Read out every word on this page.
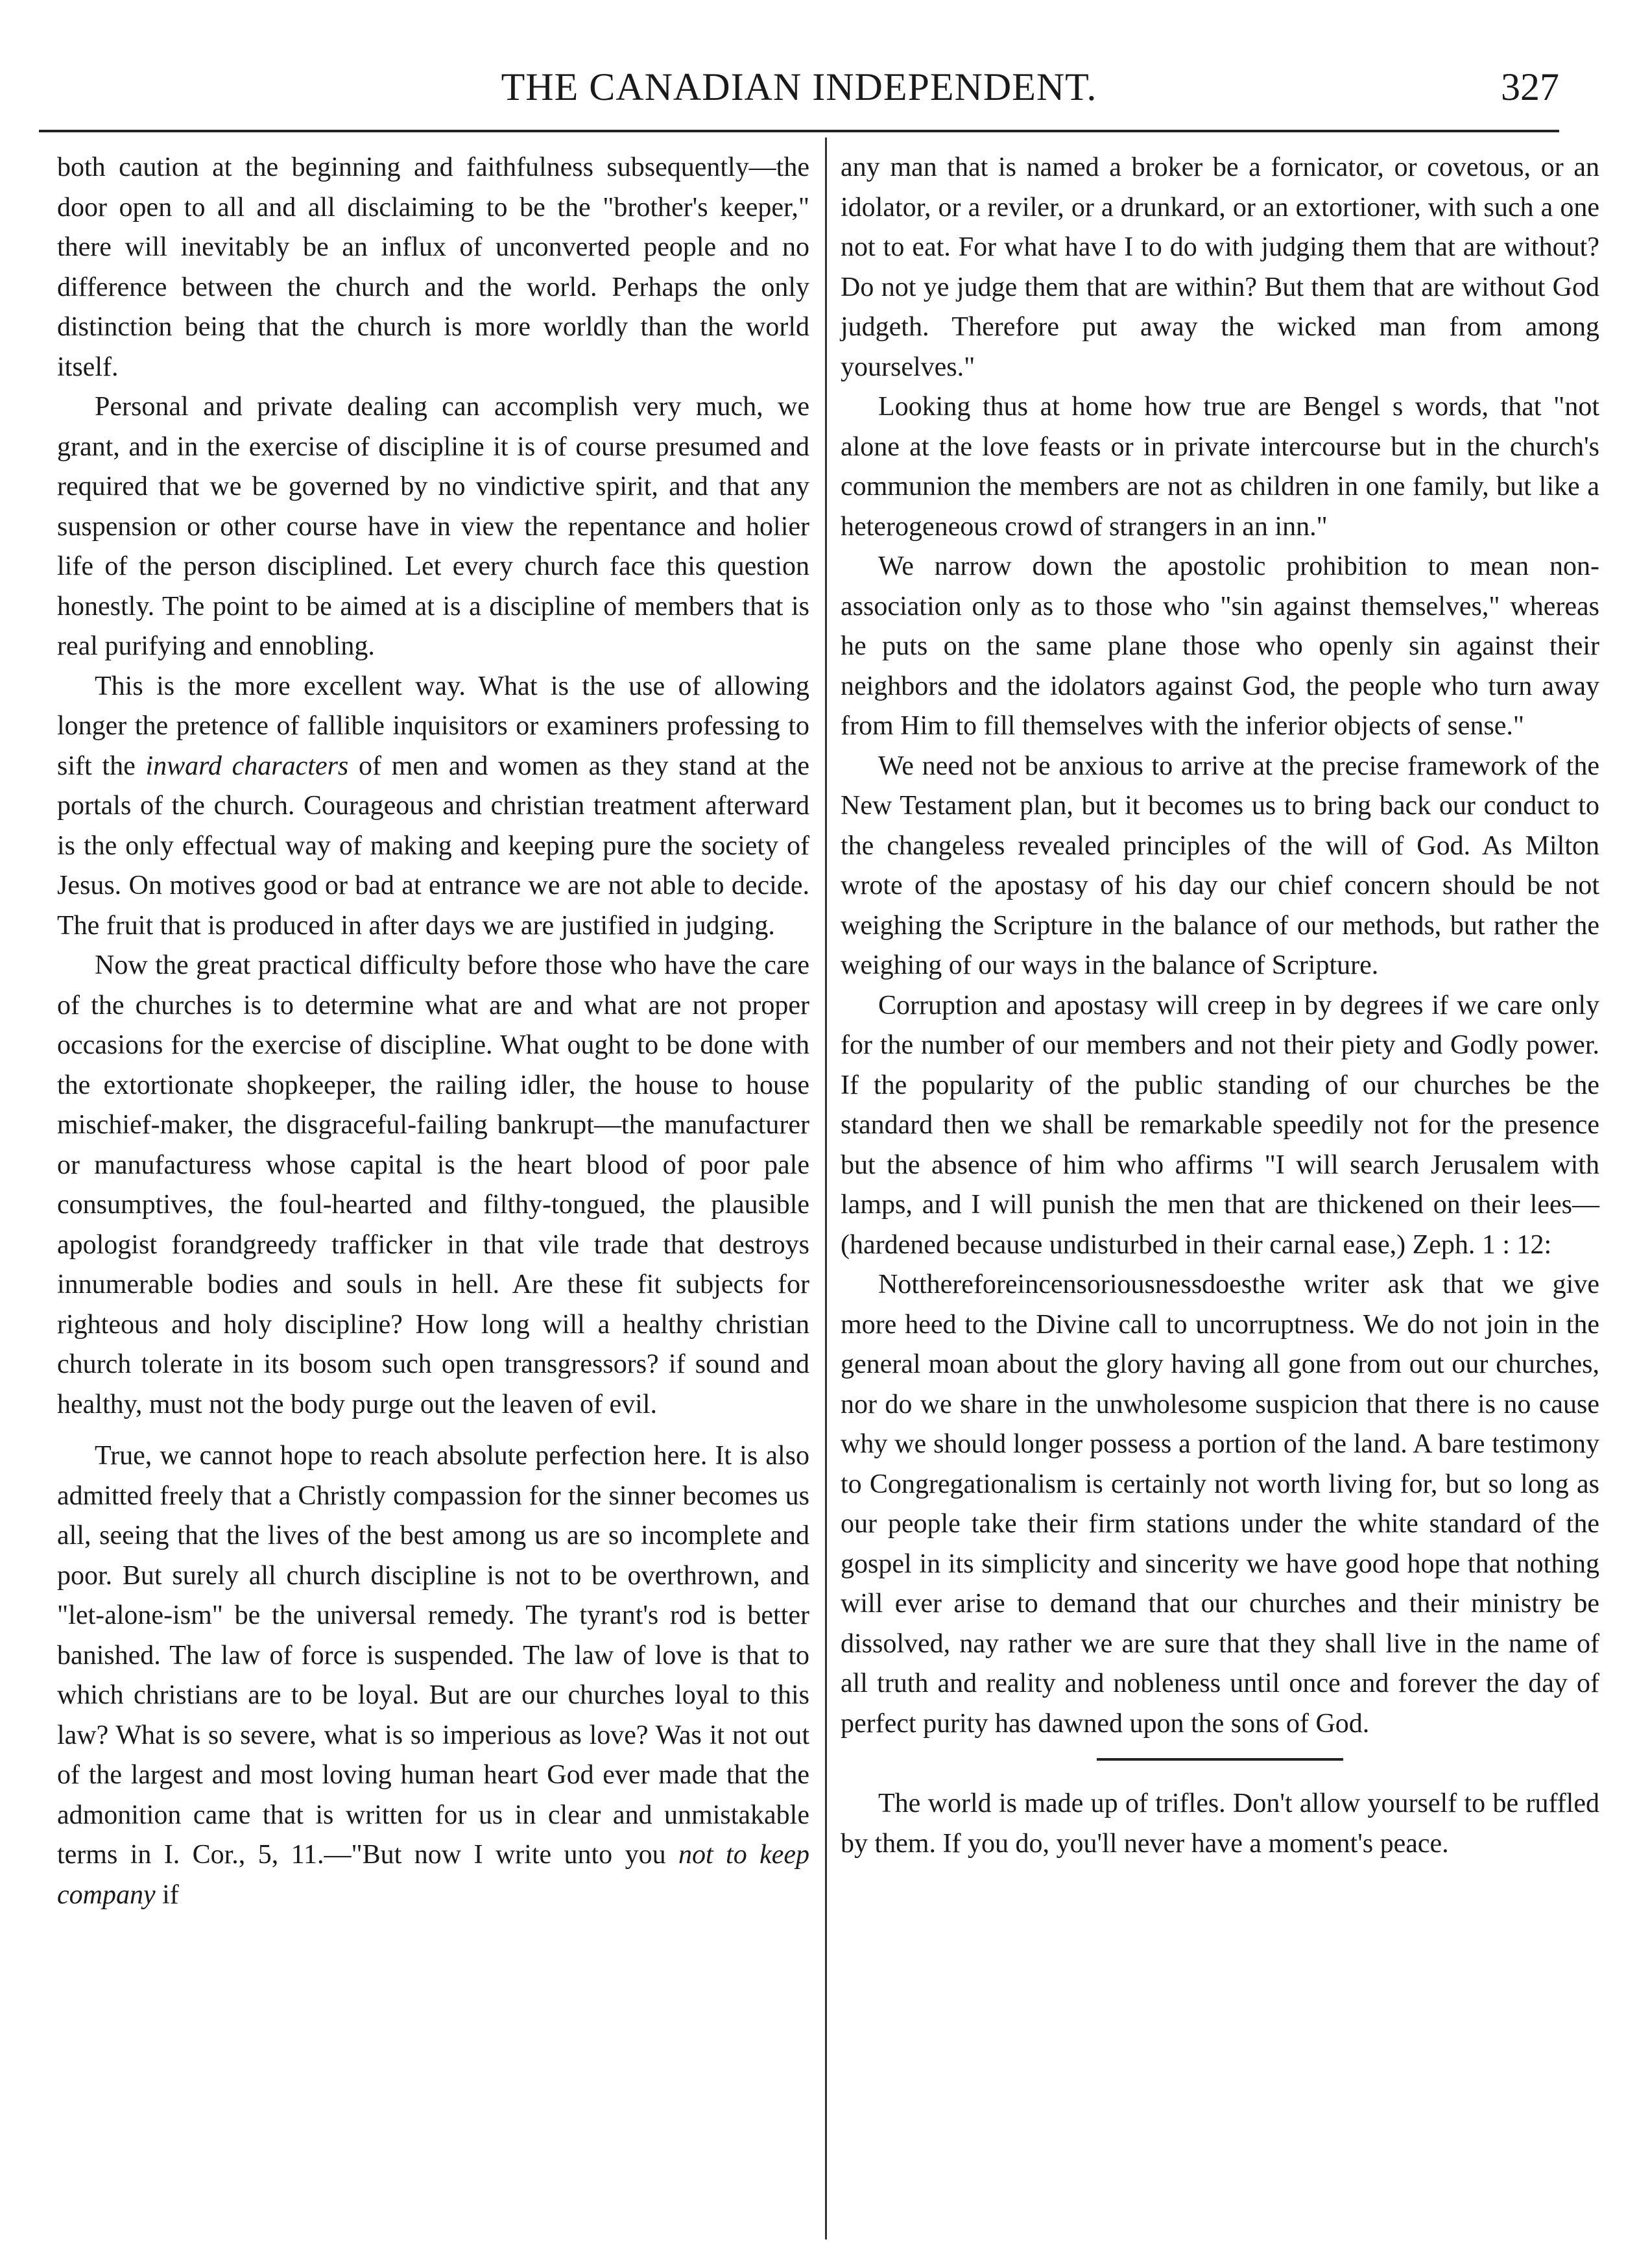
THE CANADIAN INDEPENDENT.	327

both caution at the beginning and faithfulness subsequently—the door open to all and all disclaiming to be the "brother's keeper," there will inevitably be an influx of unconverted people and no difference between the church and the world. Perhaps the only distinction being that the church is more worldly than the world itself.

Personal and private dealing can accomplish very much, we grant, and in the exercise of discipline it is of course presumed and required that we be governed by no vindictive spirit, and that any suspension or other course have in view the repentance and holier life of the person disciplined. Let every church face this question honestly. The point to be aimed at is a discipline of members that is real purifying and ennobling.

This is the more excellent way. What is the use of allowing longer the pretence of fallible inquisitors or examiners professing to sift the inward characters of men and women as they stand at the portals of the church. Courageous and christian treatment afterward is the only effectual way of making and keeping pure the society of Jesus. On motives good or bad at entrance we are not able to decide. The fruit that is produced in after days we are justified in judging.

Now the great practical difficulty before those who have the care of the churches is to determine what are and what are not proper occasions for the exercise of discipline. What ought to be done with the extortionate shopkeeper, the railing idler, the house to house mischief-maker, the disgraceful-failing bankrupt—the manufacturer or manufacturess whose capital is the heart blood of poor pale consumptives, the foul-hearted and filthy-tongued, the plausible apologist forandgreedy trafficker in that vile trade that destroys innumerable bodies and souls in hell. Are these fit subjects for righteous and holy discipline? How long will a healthy christian church tolerate in its bosom such open transgressors? if sound and healthy, must not the body purge out the leaven of evil.

True, we cannot hope to reach absolute perfection here. It is also admitted freely that a Christly compassion for the sinner becomes us all, seeing that the lives of the best among us are so incomplete and poor. But surely all church discipline is not to be overthrown, and "let-alone-ism" be the universal remedy. The tyrant's rod is better banished. The law of force is suspended. The law of love is that to which christians are to be loyal. But are our churches loyal to this law? What is so severe, what is so imperious as love? Was it not out of the largest and most loving human heart God ever made that the admonition came that is written for us in clear and unmistakable terms in I. Cor., 5, 11.—"But now I write unto you not to keep company if

any man that is named a broker be a fornicator, or covetous, or an idolator, or a reviler, or a drunkard, or an extortioner, with such a one not to eat. For what have I to do with judging them that are without? Do not ye judge them that are within? But them that are without God judgeth. Therefore put away the wicked man from among yourselves."

Looking thus at home how true are Bengel s words, that "not alone at the love feasts or in private intercourse but in the church's communion the members are not as children in one family, but like a heterogeneous crowd of strangers in an inn."

We narrow down the apostolic prohibition to mean non-association only as to those who "sin against themselves," whereas he puts on the same plane those who openly sin against their neighbors and the idolators against God, the people who turn away from Him to fill themselves with the inferior objects of sense."

We need not be anxious to arrive at the precise framework of the New Testament plan, but it becomes us to bring back our conduct to the changeless revealed principles of the will of God. As Milton wrote of the apostasy of his day our chief concern should be not weighing the Scripture in the balance of our methods, but rather the weighing of our ways in the balance of Scripture.

Corruption and apostasy will creep in by degrees if we care only for the number of our members and not their piety and Godly power. If the popularity of the public standing of our churches be the standard then we shall be remarkable speedily not for the presence but the absence of him who affirms "I will search Jerusalem with lamps, and I will punish the men that are thickened on their lees—(hardened because undisturbed in their carnal ease,) Zeph. 1 : 12:

Notthereforeincensoriousnessdoesthe writer ask that we give more heed to the Divine call to uncorruptness. We do not join in the general moan about the glory having all gone from out our churches, nor do we share in the unwholesome suspicion that there is no cause why we should longer possess a portion of the land. A bare testimony to Congregationalism is certainly not worth living for, but so long as our people take their firm stations under the white standard of the gospel in its simplicity and sincerity we have good hope that nothing will ever arise to demand that our churches and their ministry be dissolved, nay rather we are sure that they shall live in the name of all truth and reality and nobleness until once and forever the day of perfect purity has dawned upon the sons of God.

The world is made up of trifles. Don't allow yourself to be ruffled by them. If you do, you'll never have a moment's peace.
